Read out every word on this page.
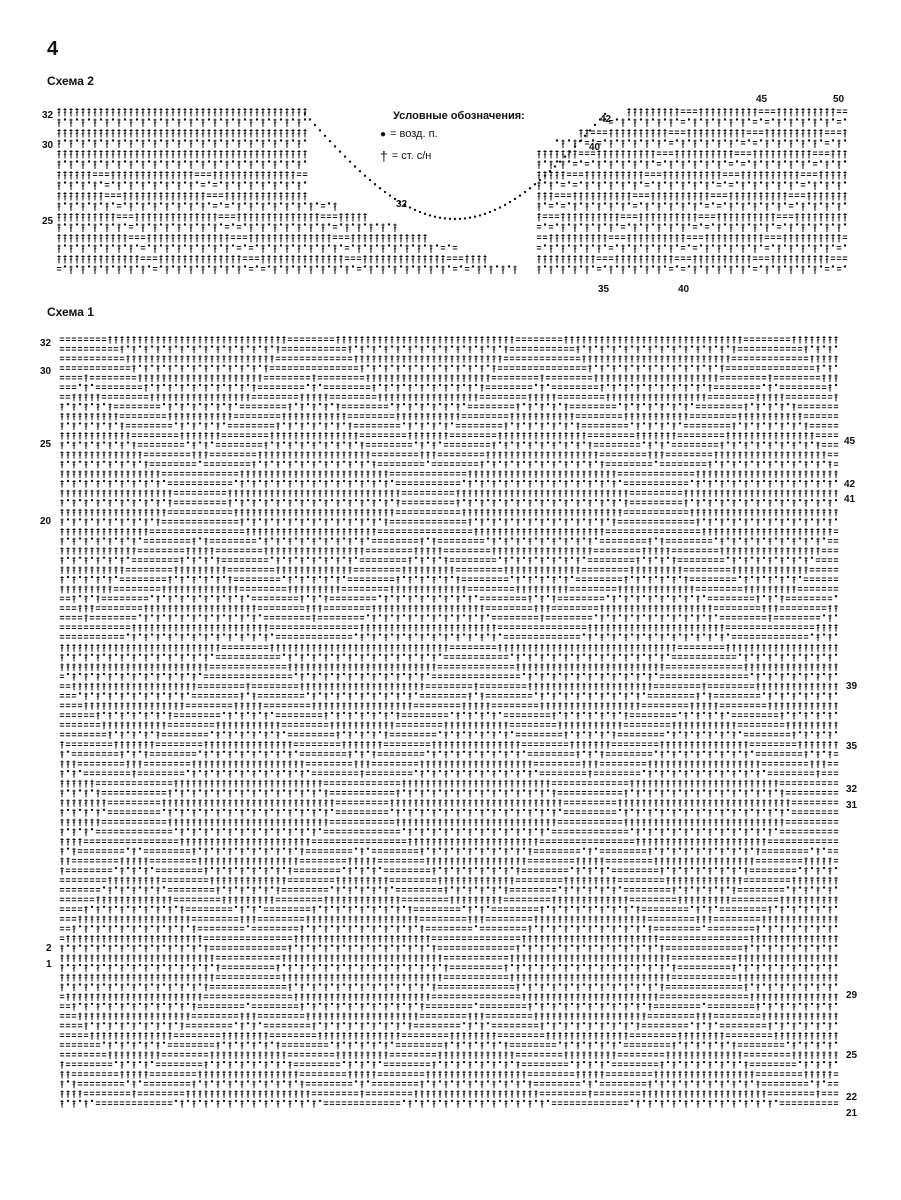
4
Схема 2
32
30
25
32
42
40
45	50
35	40
Условные обозначения:
● = возд. п.
† = ст. с/н
Схема 1
32
30
25
20
2
1
45
42
41
39
35
32
31
29
25
22
21
